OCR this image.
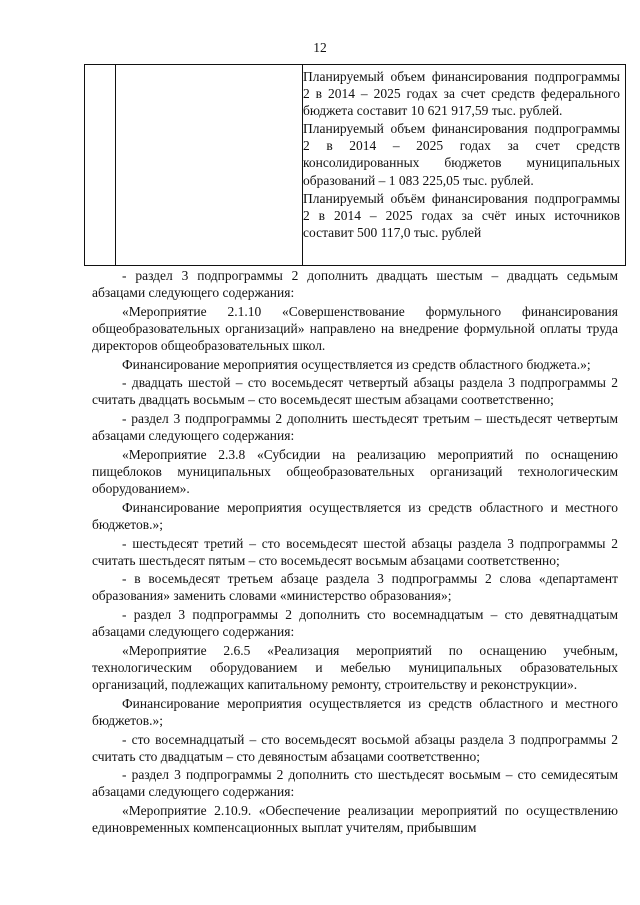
12

Планируемый объем финансирования подпрограммы 2 в 2014 – 2025 годах за счет средств федерального бюджета составит 10 621 917,59 тыс. рублей.

Планируемый объем финансирования подпрограммы 2 в 2014 – 2025 годах за счет средств консолидированных бюджетов муниципальных образований – 1 083 225,05 тыс. рублей.

Планируемый объём финансирования подпрограммы 2 в 2014 – 2025 годах за счёт иных источников составит 500 117,0 тыс. рублей

- раздел 3 подпрограммы 2 дополнить двадцать шестым – двадцать седьмым абзацами следующего содержания:

«Мероприятие 2.1.10 «Совершенствование формульного финансирования общеобразовательных организаций» направлено на внедрение формульной оплаты труда директоров общеобразовательных школ.

Финансирование мероприятия осуществляется из средств областного бюджета.»;

- двадцать шестой – сто восемьдесят четвертый абзацы раздела 3 подпрограммы 2 считать двадцать восьмым – сто восемьдесят шестым абзацами соответственно;

- раздел 3 подпрограммы 2 дополнить шестьдесят третьим – шестьдесят четвертым абзацами следующего содержания:

«Мероприятие 2.3.8 «Субсидии на реализацию мероприятий по оснащению пищеблоков муниципальных общеобразовательных организаций технологическим оборудованием».

Финансирование мероприятия осуществляется из средств областного и местного бюджетов.»;

- шестьдесят третий – сто восемьдесят шестой абзацы раздела 3 подпрограммы 2 считать шестьдесят пятым – сто восемьдесят восьмым абзацами соответственно;

- в восемьдесят третьем абзаце раздела 3 подпрограммы 2 слова «департамент образования» заменить словами «министерство образования»;

- раздел 3 подпрограммы 2 дополнить сто восемнадцатым – сто девятнадцатым абзацами следующего содержания:

«Мероприятие 2.6.5 «Реализация мероприятий по оснащению учебным, технологическим оборудованием и мебелью муниципальных образовательных организаций, подлежащих капитальному ремонту, строительству и реконструкции».

Финансирование мероприятия осуществляется из средств областного и местного бюджетов.»;

- сто восемнадцатый – сто восемьдесят восьмой абзацы раздела 3 подпрограммы 2 считать сто двадцатым – сто девяностым абзацами соответственно;

- раздел 3 подпрограммы 2 дополнить сто шестьдесят восьмым – сто семидесятым абзацами следующего содержания:

«Мероприятие 2.10.9. «Обеспечение реализации мероприятий по осуществлению единовременных компенсационных выплат учителям, прибывшим
